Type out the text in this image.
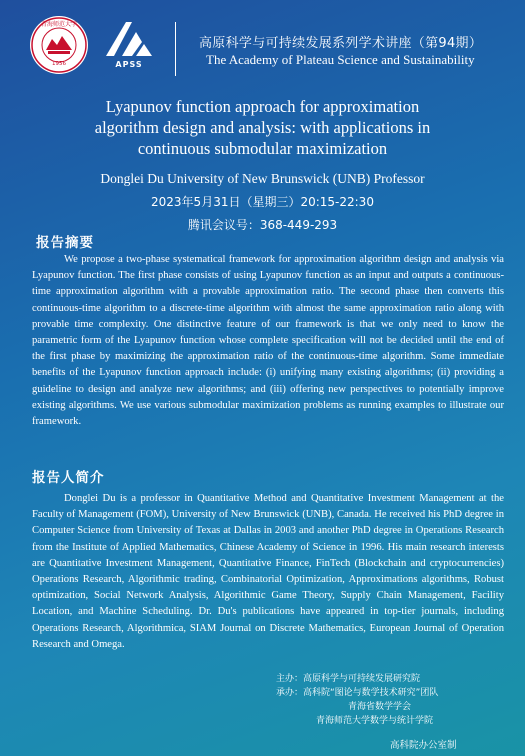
青海师范大学
1956	APSS
高原科学与可持续发展系列学术讲座（第94期）
The Academy of Plateau Science and Sustainability
Lyapunov function approach for approximation
algorithm design and analysis: with applications in
continuous submodular maximization
Donglei Du University of New Brunswick (UNB) Professor
2023年5月31日（星期三）20:15-22:30
腾讯会议号：368-449-293
报告摘要
We propose a two-phase systematical framework for approximation algorithm design and analysis via Lyapunov function. The first phase consists of using Lyapunov function as an input and outputs a continuous-time approximation algorithm with a provable approximation ratio. The second phase then converts this continuous-time algorithm to a discrete-time algorithm with almost the same approximation ratio along with provable time complexity. One distinctive feature of our framework is that we only need to know the parametric form of the Lyapunov function whose complete specification will not be decided until the end of the first phase by maximizing the approximation ratio of the continuous-time algorithm. Some immediate benefits of the Lyapunov function approach include: (i) unifying many existing algorithms; (ii) providing a guideline to design and analyze new algorithms; and (iii) offering new perspectives to potentially improve existing algorithms. We use various submodular maximization problems as running examples to illustrate our framework.
报告人简介
Donglei Du is a professor in Quantitative Method and Quantitative Investment Management at the Faculty of Management (FOM), University of New Brunswick (UNB), Canada. He received his PhD degree in Computer Science from University of Texas at Dallas in 2003 and another PhD degree in Operations Research from the Institute of Applied Mathematics, Chinese Academy of Science in 1996. His main research interests are Quantitative Investment Management, Quantitative Finance, FinTech (Blockchain and cryptocurrencies) Operations Research, Algorithmic trading, Combinatorial Optimization, Approximations algorithms, Robust optimization, Social Network Analysis, Algorithmic Game Theory, Supply Chain Management, Facility Location, and Machine Scheduling. Dr. Du's publications have appeared in top-tier journals, including Operations Research, Algorithmica, SIAM Journal on Discrete Mathematics, European Journal of Operation Research and Omega.
主办： 高原科学与可持续发展研究院
承办： 高科院“图论与数学技术研究”团队
青海省数学学会
青海师范大学数学与统计学院
高科院办公室制
